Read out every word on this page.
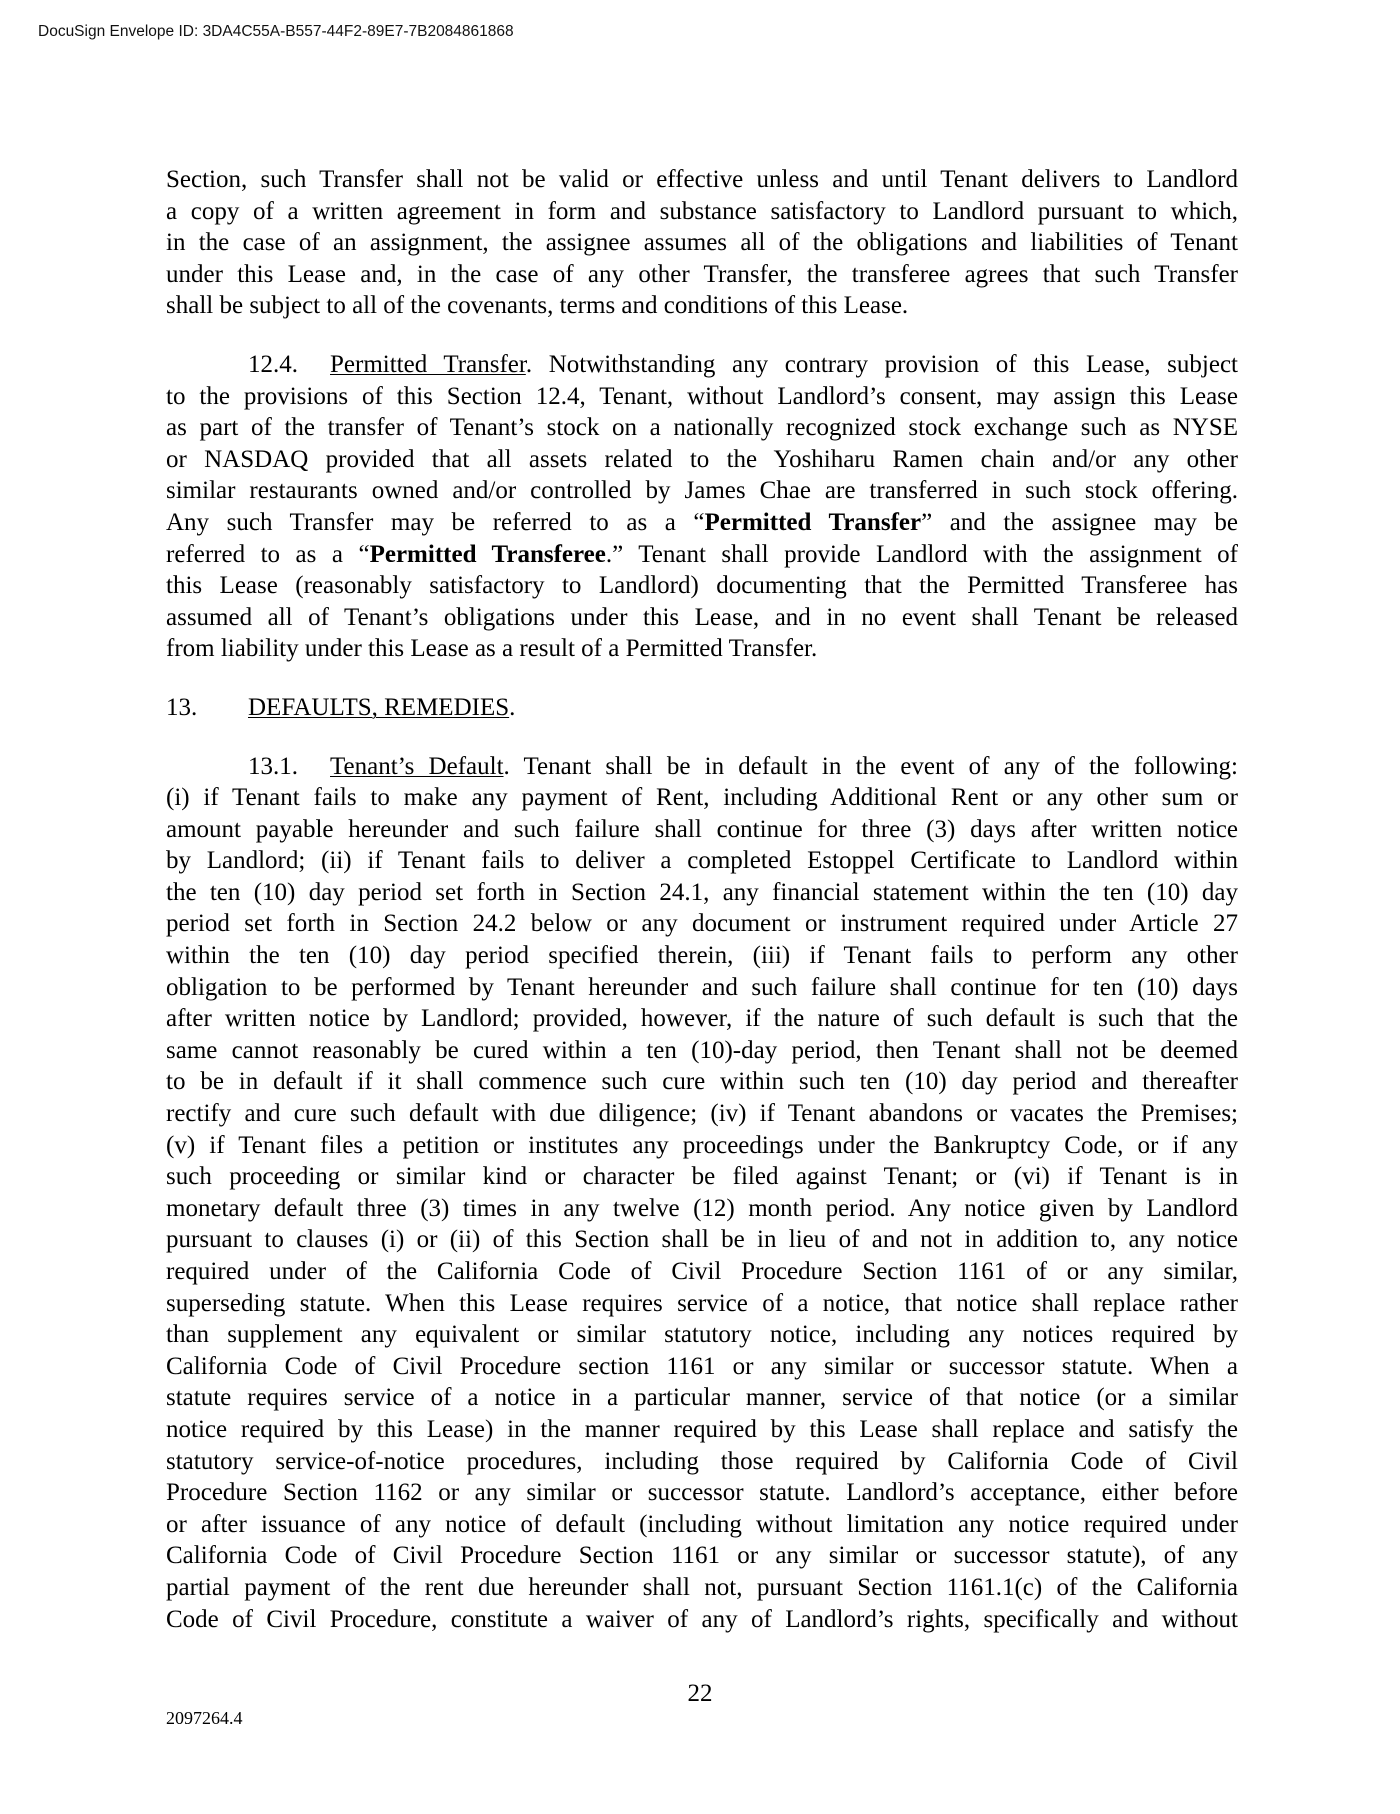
DocuSign Envelope ID: 3DA4C55A-B557-44F2-89E7-7B2084861868
Section, such Transfer shall not be valid or effective unless and until Tenant delivers to Landlord
a copy of a written agreement in form and substance satisfactory to Landlord pursuant to which,
in the case of an assignment, the assignee assumes all of the obligations and liabilities of Tenant
under this Lease and, in the case of any other Transfer, the transferee agrees that such Transfer
shall be subject to all of the covenants, terms and conditions of this Lease.
12.4. Permitted Transfer. Notwithstanding any contrary provision of this Lease, subject
to the provisions of this Section 12.4, Tenant, without Landlord’s consent, may assign this Lease
as part of the transfer of Tenant’s stock on a nationally recognized stock exchange such as NYSE
or NASDAQ provided that all assets related to the Yoshiharu Ramen chain and/or any other
similar restaurants owned and/or controlled by James Chae are transferred in such stock offering.
Any such Transfer may be referred to as a “Permitted Transfer” and the assignee may be
referred to as a “Permitted Transferee.” Tenant shall provide Landlord with the assignment of
this Lease (reasonably satisfactory to Landlord) documenting that the Permitted Transferee has
assumed all of Tenant’s obligations under this Lease, and in no event shall Tenant be released
from liability under this Lease as a result of a Permitted Transfer.
13. DEFAULTS, REMEDIES.
13.1. Tenant’s Default. Tenant shall be in default in the event of any of the following:
(i) if Tenant fails to make any payment of Rent, including Additional Rent or any other sum or
amount payable hereunder and such failure shall continue for three (3) days after written notice
by Landlord; (ii) if Tenant fails to deliver a completed Estoppel Certificate to Landlord within
the ten (10) day period set forth in Section 24.1, any financial statement within the ten (10) day
period set forth in Section 24.2 below or any document or instrument required under Article 27
within the ten (10) day period specified therein, (iii) if Tenant fails to perform any other
obligation to be performed by Tenant hereunder and such failure shall continue for ten (10) days
after written notice by Landlord; provided, however, if the nature of such default is such that the
same cannot reasonably be cured within a ten (10)-day period, then Tenant shall not be deemed
to be in default if it shall commence such cure within such ten (10) day period and thereafter
rectify and cure such default with due diligence; (iv) if Tenant abandons or vacates the Premises;
(v) if Tenant files a petition or institutes any proceedings under the Bankruptcy Code, or if any
such proceeding or similar kind or character be filed against Tenant; or (vi) if Tenant is in
monetary default three (3) times in any twelve (12) month period. Any notice given by Landlord
pursuant to clauses (i) or (ii) of this Section shall be in lieu of and not in addition to, any notice
required under of the California Code of Civil Procedure Section 1161 of or any similar,
superseding statute. When this Lease requires service of a notice, that notice shall replace rather
than supplement any equivalent or similar statutory notice, including any notices required by
California Code of Civil Procedure section 1161 or any similar or successor statute. When a
statute requires service of a notice in a particular manner, service of that notice (or a similar
notice required by this Lease) in the manner required by this Lease shall replace and satisfy the
statutory service-of-notice procedures, including those required by California Code of Civil
Procedure Section 1162 or any similar or successor statute. Landlord’s acceptance, either before
or after issuance of any notice of default (including without limitation any notice required under
California Code of Civil Procedure Section 1161 or any similar or successor statute), of any
partial payment of the rent due hereunder shall not, pursuant Section 1161.1(c) of the California
Code of Civil Procedure, constitute a waiver of any of Landlord’s rights, specifically and without
22
2097264.4
